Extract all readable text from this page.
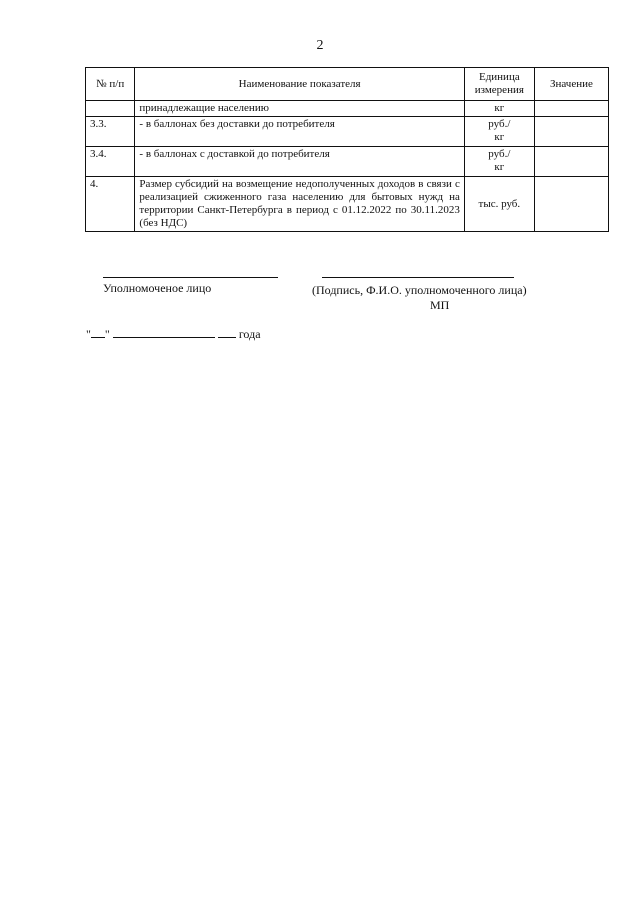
2
№ п/п	Наименование показателя	Единица измерения	Значение
	принадлежащие населению	кг	

3.3.	- в баллонах без доставки до потребителя	руб./
кг	

3.4.	- в баллонах с доставкой до потребителя	руб./
кг	

4.	Размер субсидий на возмещение недополученных доходов в связи с реализацией сжиженного газа населению для бытовых нужд на территории Санкт-Петербурга в период с 01.12.2022 по 30.11.2023 (без НДС)	тыс. руб.	

Уполномоченое лицо	(Подпись, Ф.И.О. уполномоченного лица)
МП
" "	года
